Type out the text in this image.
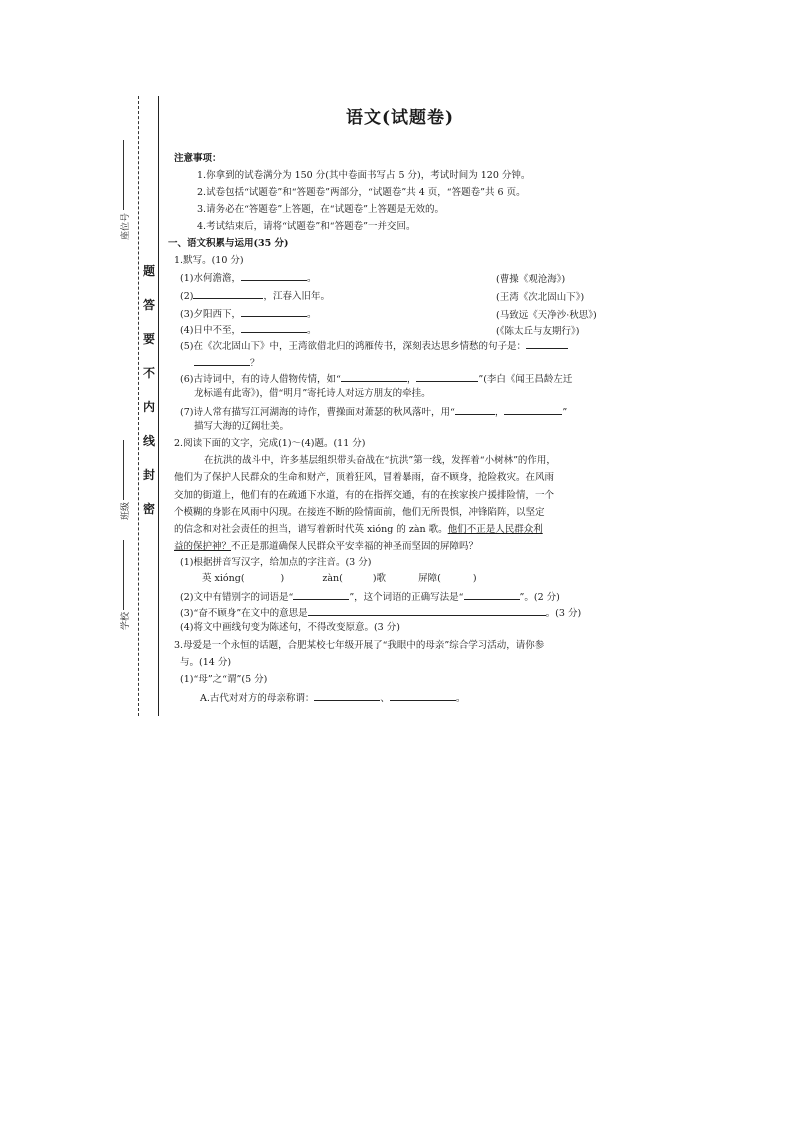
题
答
要
不
内
线
封
密
座位号
班级
学校
语文(试题卷)
注意事项：
1.你拿到的试卷满分为 150 分(其中卷面书写占 5 分)，考试时间为 120 分钟。
2.试卷包括“试题卷”和“答题卷”两部分，“试题卷”共 4 页，“答题卷”共 6 页。
3.请务必在“答题卷”上答题，在“试题卷”上答题是无效的。
4.考试结束后，请将“试题卷”和“答题卷”一并交回。
一、语文积累与运用(35 分)
1.默写。(10 分)
(1)水何澹澹，	。	(曹操《观沧海》)
(2)	，江春入旧年。	(王湾《次北固山下》)
(3)夕阳西下，	。	(马致远《天净沙·秋思》)
(4)日中不至，	。	(《陈太丘与友期行》)
(5)在《次北固山下》中，王湾欲借北归的鸿雁传书，深刻表达思乡情愁的句子是：
？
(6)古诗词中，有的诗人借物传情，如“	，	”(李白《闻王昌龄左迁
龙标遥有此寄》)，借“明月”寄托诗人对远方朋友的牵挂。
(7)诗人常有描写江河湖海的诗作，曹操面对萧瑟的秋风落叶，用“	，	”
描写大海的辽阔壮美。
2.阅读下面的文字，完成(1)～(4)题。(11 分)
在抗洪的战斗中，许多基层组织带头奋战在“抗洪”第一线，发挥着“小树林”的作用，
他们为了保护人民群众的生命和财产，顶着狂风，冒着暴雨，奋不顾身，抢险救灾。在风雨
交加的街道上，他们有的在疏通下水道，有的在指挥交通，有的在挨家挨户援排险情，一个
个模糊的身影在风雨中闪现。在接连不断的险情面前，他们无所畏惧，冲锋陷阵，以坚定
的信念和对社会责任的担当，谱写着新时代英 xióng 的 zàn 歌。他们不正是人民群众利
益的保护神？不正是那道确保人民群众平安幸福的神圣而坚固的屏障吗？
(1)根据拼音写汉字，给加点的字注音。(3 分)
英 xióng(	)	zàn(	)歌	屏障(	)
(2)文中有错别字的词语是“	”，这个词语的正确写法是“	”。(2 分)
(3)“奋不顾身”在文中的意思是	。(3 分)
(4)将文中画线句变为陈述句，不得改变原意。(3 分)
3.母爱是一个永恒的话题，合肥某校七年级开展了“我眼中的母亲”综合学习活动，请你参
与。(14 分)
(1)“母”之“谓”(5 分)
A.古代对对方的母亲称谓：	、	。
